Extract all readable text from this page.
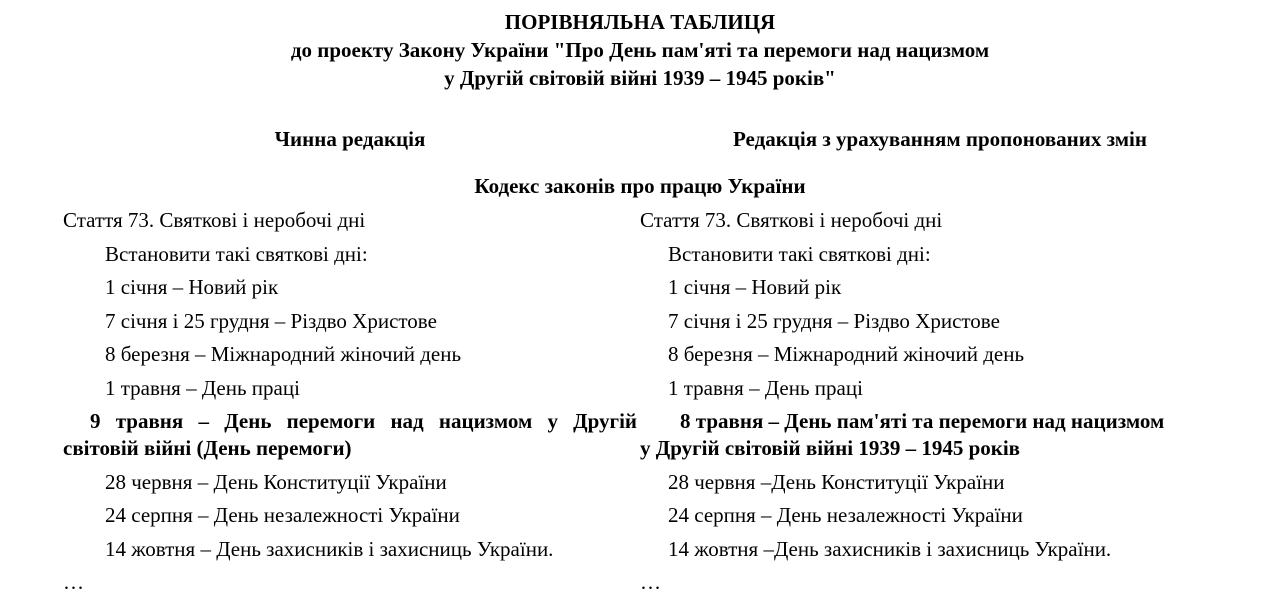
ПОРІВНЯЛЬНА ТАБЛИЦЯ
до проекту Закону України "Про День пам'яті та перемоги над нацизмом
у Другій світовій війні 1939 – 1945 років"
Чинна редакція	Редакція з урахуванням пропонованих змін
Кодекс законів про працю України
Стаття 73. Святкові і неробочі дні
Встановити такі святкові дні:
1 січня – Новий рік
7 січня і 25 грудня – Різдво Христове
8 березня – Міжнародний жіночий день
1 травня – День праці
9 травня – День перемоги над нацизмом у Другій
світовій війні (День перемоги)
28 червня – День Конституції України
24 серпня – День незалежності України
14 жовтня – День захисників і захисниць України.
…
Стаття 73. Святкові і неробочі дні
Встановити такі святкові дні:
1 січня – Новий рік
7 січня і 25 грудня – Різдво Христове
8 березня – Міжнародний жіночий день
1 травня – День праці
8 травня – День пам'яті та перемоги над нацизмом
у Другій світовій війні 1939 – 1945 років
28 червня –День Конституції України
24 серпня – День незалежності України
14 жовтня –День захисників і захисниць України.
…
